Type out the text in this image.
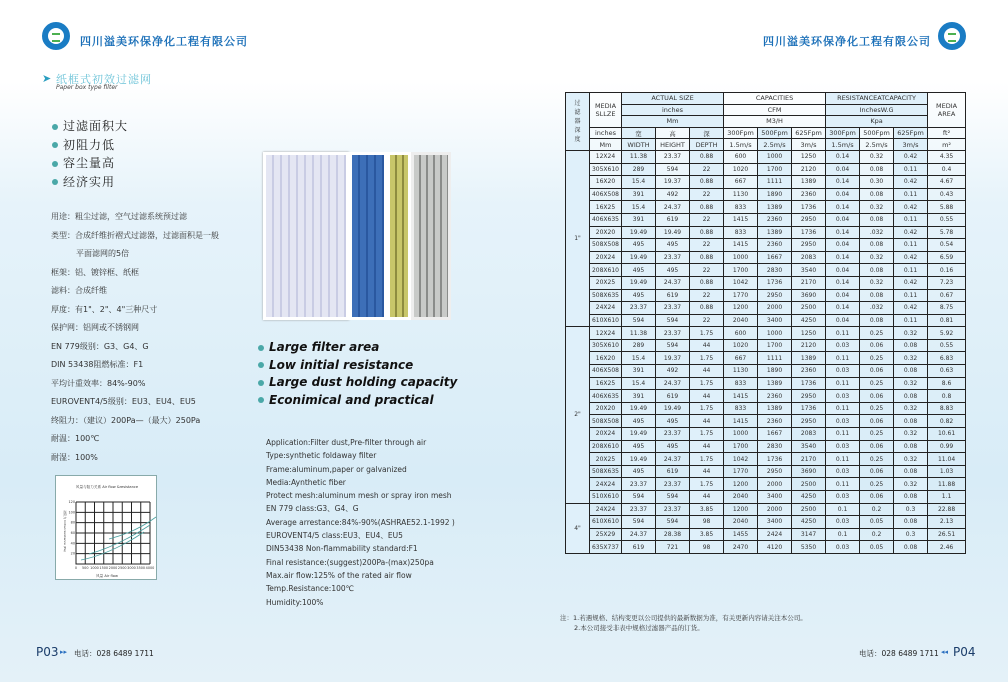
四川溢美环保净化工程有限公司	四川溢美环保净化工程有限公司
➤ 纸框式初效过滤网
Paper box type filter
过滤面积大
初阻力低
容尘量高
经济实用
用途：粗尘过滤，空气过滤系统预过滤
类型：合成纤维折褶式过滤器，过滤面积是一般
平面滤网的5倍
框架：铝、镀锌框、纸框
滤料：合成纤维
厚度：有1"、2"、4"三种尺寸
保护网：铝网或不锈钢网
EN 779级别：G3、G4、G
DIN 53438阻燃标准：F1
平均计重效率：84%-90%
EUROVENT4/5级别：EU3、EU4、EU5
终阻力：（建议）200Pa—（最大）250Pa
耐温：100℃
耐湿：100%
Large filter area
Low initial resistance
Large dust holding capacity
Econimical and practical
Application:Filter dust,Pre-filter through air
Type:synthetic foldaway filter
Frame:aluminum,paper or galvanized
Media:Aynthetic fiber
Protect mesh:aluminum mesh or spray iron mesh
EN 779 class:G3、G4、G
Average arrestance:84%-90%(ASHRAE52.1-1992 )
EUROVENT4/5 class:EU3、EU4、EU5
DIN53438 Non-flammability standard:F1
Final resistance:(suggest)200Pa-(max)250pa
Max.air flow:125% of the rated air flow
Temp.Resistance:100℃
Humidity:100%
风量与阻力关系 Air flow &resistance
初阻力 Initial resistance (Pa)
风量 Air flow
20
40
60
80
100
120
0 500 1000 1500 2000 2500 3000 3500 4000
过滤器深度	MEDIA SLLZE	ACTUAL SIZE			CAPACITIES			RESISTANCEATCAPACITY			MEDIA AREA
		inches			CFM			InchesW.G			
		Mm			M3/H			Kpa			
	inches	宽	高	深	300Fpm	500Fpm	625Fpm	300Fpm	500Fpm	625Fpm	ft²
	Mm	WIDTH	HEIGHT	DEPTH	1.5m/s	2.5m/s	3m/s	1.5m/s	2.5m/s	3m/s	m²
1"	12X24	11.38	23.37	0.88	600	1000	1250	0.14	0.32	0.42	4.35
	305X610	289	594	22	1020	1700	2120	0.04	0.08	0.11	0.4
	16X20	15.4	19.37	0.88	667	1111	1389	0.14	0.30	0.42	4.67
	406X508	391	492	22	1130	1890	2360	0.04	0.08	0.11	0.43
	16X25	15.4	24.37	0.88	833	1389	1736	0.14	0.32	0.42	5.88
	406X635	391	619	22	1415	2360	2950	0.04	0.08	0.11	0.55
	20X20	19.49	19.49	0.88	833	1389	1736	0.14	.032	0.42	5.78
	508X508	495	495	22	1415	2360	2950	0.04	0.08	0.11	0.54
	20X24	19.49	23.37	0.88	1000	1667	2083	0.14	0.32	0.42	6.59
	208X610	495	495	22	1700	2830	3540	0.04	0.08	0.11	0.16
	20X25	19.49	24.37	0.88	1042	1736	2170	0.14	0.32	0.42	7.23
	508X635	495	619	22	1770	2950	3690	0.04	0.08	0.11	0.67
	24X24	23.37	23.37	0.88	1200	2000	2500	0.14	.032	0.42	8.75
	610X610	594	594	22	2040	3400	4250	0.04	0.08	0.11	0.81
2"	12X24	11.38	23.37	1.75	600	1000	1250	0.11	0.25	0.32	5.92
	305X610	289	594	44	1020	1700	2120	0.03	0.06	0.08	0.55
	16X20	15.4	19.37	1.75	667	1111	1389	0.11	0.25	0.32	6.83
	406X508	391	492	44	1130	1890	2360	0.03	0.06	0.08	0.63
	16X25	15.4	24.37	1.75	833	1389	1736	0.11	0.25	0.32	8.6
	406X635	391	619	44	1415	2360	2950	0.03	0.06	0.08	0.8
	20X20	19.49	19.49	1.75	833	1389	1736	0.11	0.25	0.32	8.83
	508X508	495	495	44	1415	2360	2950	0.03	0.06	0.08	0.82
	20X24	19.49	23.37	1.75	1000	1667	2083	0.11	0.25	0.32	10.61
	208X610	495	495	44	1700	2830	3540	0.03	0.06	0.08	0.99
	20X25	19.49	24.37	1.75	1042	1736	2170	0.11	0.25	0.32	11.04
	508X635	495	619	44	1770	2950	3690	0.03	0.06	0.08	1.03
	24X24	23.37	23.37	1.75	1200	2000	2500	0.11	0.25	0.32	11.88
	510X610	594	594	44	2040	3400	4250	0.03	0.06	0.08	1.1
4"	24X24	23.37	23.37	3.85	1200	2000	2500	0.1	0.2	0.3	22.88
	610X610	594	594	98	2040	3400	4250	0.03	0.05	0.08	2.13
	25X29	24.37	28.38	3.85	1455	2424	3147	0.1	0.2	0.3	26.51
	635X737	619	721	98	2470	4120	5350	0.03	0.05	0.08	2.46
注：1.若遇规格、结构变更以公司提供的最新数据为准，有关更新内容请关注本公司。
2.本公司接受非表中规格过滤器产品的订货。
P03 ▸▸ 电话：028 6489 1711	电话：028 6489 1711 ◂◂ P04
